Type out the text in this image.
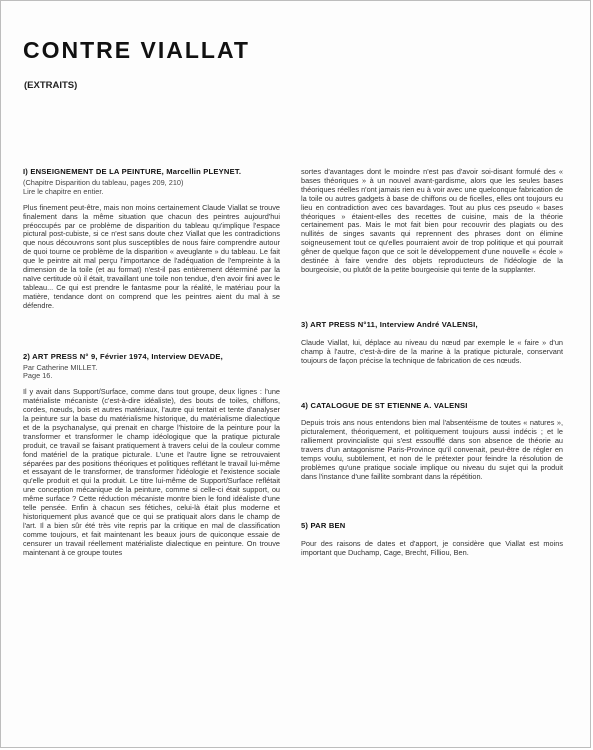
CONTRE VIALLAT
(EXTRAITS)
I) ENSEIGNEMENT DE LA PEINTURE, Marcellin PLEYNET.
(Chapitre Disparition du tableau, pages 209, 210)
Lire le chapitre en entier.

Plus finement peut-être, mais non moins certainement Claude Viallat se trouve finalement dans la même situation que chacun des peintres aujourd'hui préoccupés par ce problème de disparition du tableau qu'implique l'espace pictural post-cubiste, si ce n'est sans doute chez Viallat que les contradictions que nous découvrons sont plus susceptibles de nous faire comprendre autour de quoi tourne ce problème de la disparition « aveuglante » du tableau. Le fait que le peintre ait mal perçu l'importance de l'adéquation de l'empreinte à la dimension de la toile (et au format) n'est-il pas entièrement déterminé par la naïve certitude où il était, travaillant une toile non tendue, d'en avoir fini avec le tableau... Ce qui est prendre le fantasme pour la réalité, le matériau pour la matière, tendance dont on comprend que les peintres aient du mal à se défendre.

2) ART PRESS N° 9, Février 1974, Interview DEVADE,
Par Catherine MILLET.
Page 16.

Il y avait dans Support/Surface, comme dans tout groupe, deux lignes : l'une matérialiste mécaniste (c'est-à-dire idéaliste), des bouts de toiles, chiffons, cordes, nœuds, bois et autres matériaux, l'autre qui tentait et tente d'analyser la peinture sur la base du matérialisme historique, du matérialisme dialectique et de la psychanalyse, qui prenait en charge l'histoire de la peinture pour la transformer et transformer le champ idéologique que la pratique picturale produit, ce travail se faisant pratiquement à travers celui de la couleur comme fond matériel de la pratique picturale. L'une et l'autre ligne se retrouvaient séparées par des positions théoriques et politiques reflétant le travail lui-même et essayant de le transformer, de transformer l'idéologie et l'existence sociale qu'elle produit et qui la produit. Le titre lui-même de Support/Surface reflétait une conception mécanique de la peinture, comme si celle-ci était support, ou même surface ? Cette réduction mécaniste montre bien le fond idéaliste d'une telle pensée. Enfin à chacun ses fétiches, celui-là était plus moderne et historiquement plus avancé que ce qui se pratiquait alors dans le champ de l'art. Il a bien sûr été très vite repris par la critique en mal de classification comme toujours, et fait maintenant les beaux jours de quiconque essaie de censurer un travail réellement matérialiste dialectique en peinture. On trouve maintenant à ce groupe toutes

sortes d'avantages dont le moindre n'est pas d'avoir soi-disant formulé des « bases théoriques » à un nouvel avant-gardisme, alors que les seules bases théoriques réelles n'ont jamais rien eu à voir avec une quelconque fabrication de la toile ou autres gadgets à base de chiffons ou de ficelles, elles ont toujours eu lieu en contradiction avec ces bavardages. Tout au plus ces pseudo « bases théoriques » étaient-elles des recettes de cuisine, mais de la théorie certainement pas. Mais le mot fait bien pour recouvrir des plagiats ou des nullités de singes savants qui reprennent des phrases dont on élimine soigneusement tout ce qu'elles pourraient avoir de trop politique et qui pourrait gêner de quelque façon que ce soit le développement d'une nouvelle « école » destinée à faire vendre des objets reproducteurs de l'idéologie de la bourgeoisie, ou plutôt de la petite bourgeoisie qui tente de la supplanter.

3) ART PRESS N°11, Interview André VALENSI,

Claude Viallat, lui, déplace au niveau du nœud par exemple le « faire » d'un champ à l'autre, c'est-à-dire de la marine à la pratique picturale, conservant toujours de façon précise la technique de fabrication de ces nœuds.

4) CATALOGUE DE ST ETIENNE A. VALENSI

Depuis trois ans nous entendons bien mal l'absentéisme de toutes « natures », picturalement, théoriquement, et politiquement toujours aussi indécis ; et le ralliement provincialiste qui s'est essoufflé dans son absence de théorie au travers d'un antagonisme Paris-Province qu'il convenait, peut-être de régler en temps voulu, subtilement, et non de le prétexter pour feindre la résolution de problèmes qu'une pratique sociale implique ou niveau du sujet qui la produit dans l'instance d'une faillite sombrant dans la répétition.

5) PAR BEN

Pour des raisons de dates et d'apport, je considère que Viallat est moins important que Duchamp, Cage, Brecht, Filliou, Ben.
